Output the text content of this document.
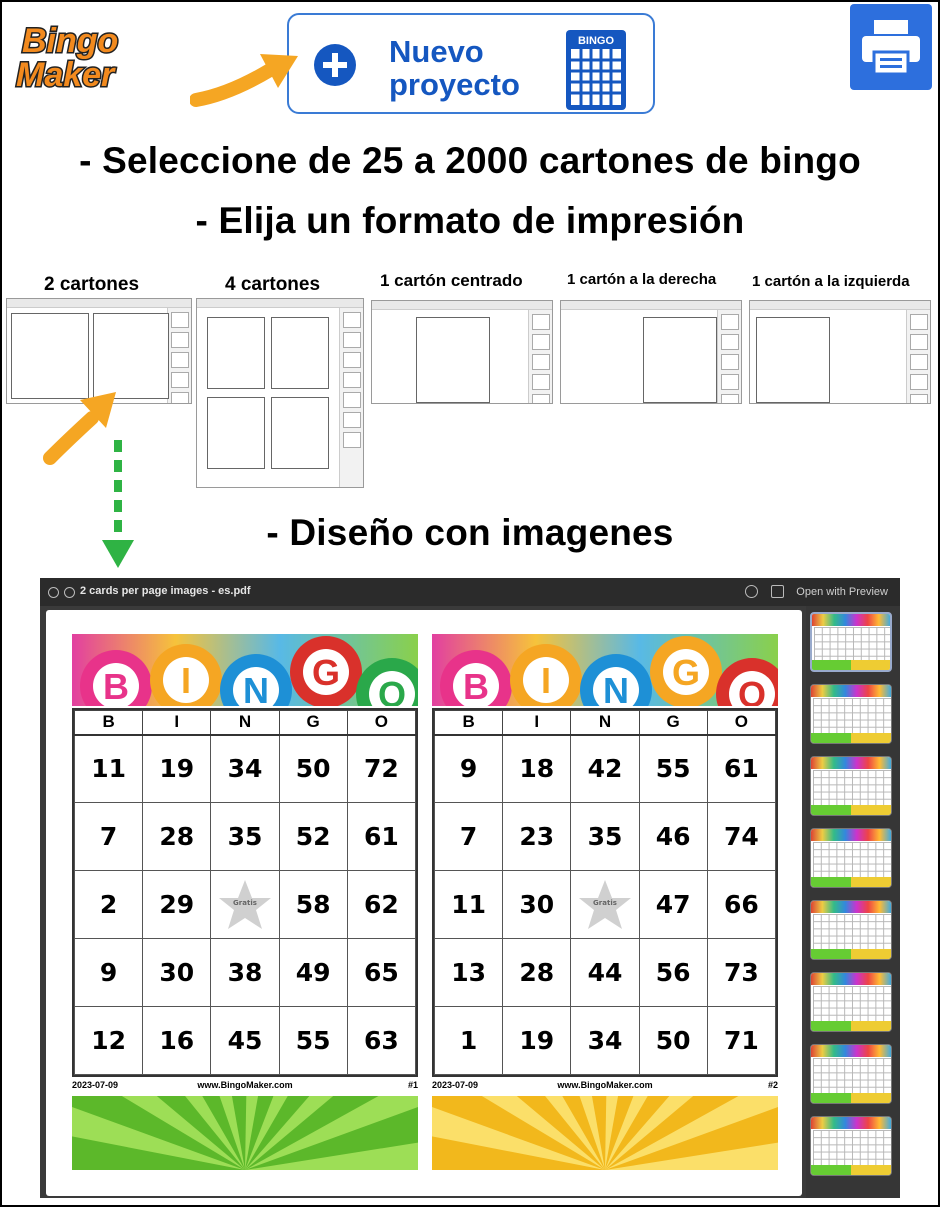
Bingo
Maker
Nuevo
proyecto
BINGO
- Seleccione de 25 a 2000 cartones de bingo
- Elija un formato de impresión
2 cartones	4 cartones	1 cartón centrado	1 cartón a la derecha 1 cartón a la izquierda
- Diseño con imagenes
2 cards per page images - es.pdf	Open with Preview
B I N G
O
B	I	N	G	O
11	19	34	50	72
7	28	35	52	61
2	29	Gratis	58	62
9	30	38	49	65
12	16	45	55	63
www.BingoMaker.com
2023-07-09	#1
B I N G
O
B	I	N	G	O
9	18	42	55	61
7	23	35	46	74
11	30	Gratis	47	66
13	28	44	56	73
1	19	34	50	71
www.BingoMaker.com
2023-07-09	#2
